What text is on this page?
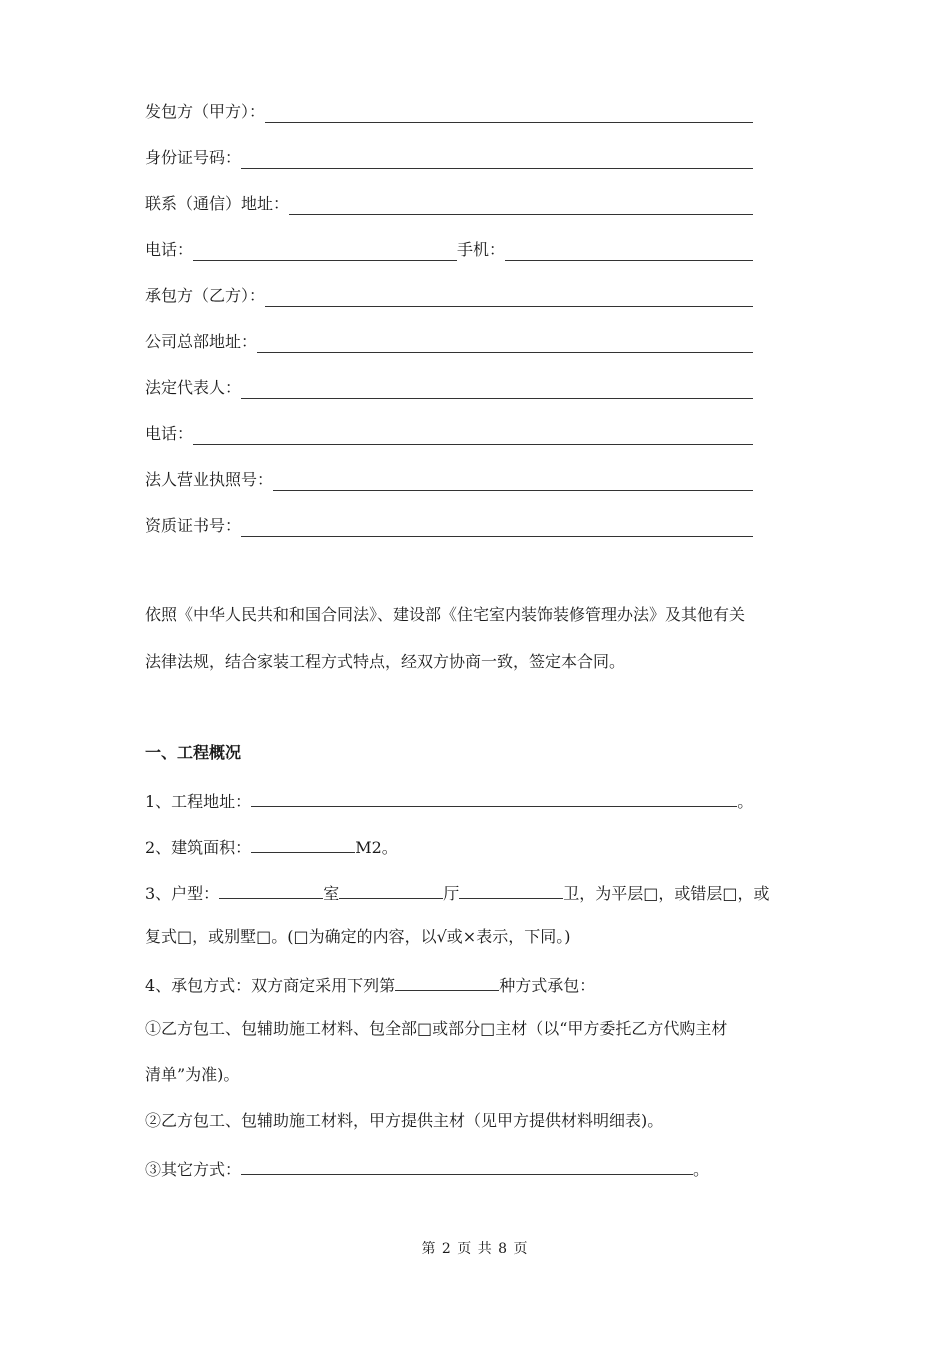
发包方（甲方）：
身份证号码：
联系（通信）地址：
电话：	手机：
承包方（乙方）：
公司总部地址：
法定代表人：
电话：
法人营业执照号：
资质证书号：
依照《中华人民共和和国合同法》、建设部《住宅室内装饰装修管理办法》及其他有关
法律法规，结合家装工程方式特点，经双方协商一致，签定本合同。
一、工程概况
1、工程地址：	。
2、建筑面积：	M2。
3、户型：	室	厅	卫，为平层□，或错层□，或
复式□，或别墅□。(□为确定的内容，以√或×表示，下同。)
4、承包方式：双方商定采用下列第	种方式承包：
①乙方包工、包辅助施工材料、包全部□或部分□主材（以“甲方委托乙方代购主材
清单”为准)。
②乙方包工、包辅助施工材料，甲方提供主材（见甲方提供材料明细表)。
③其它方式：	。
第 2 页 共 8 页
